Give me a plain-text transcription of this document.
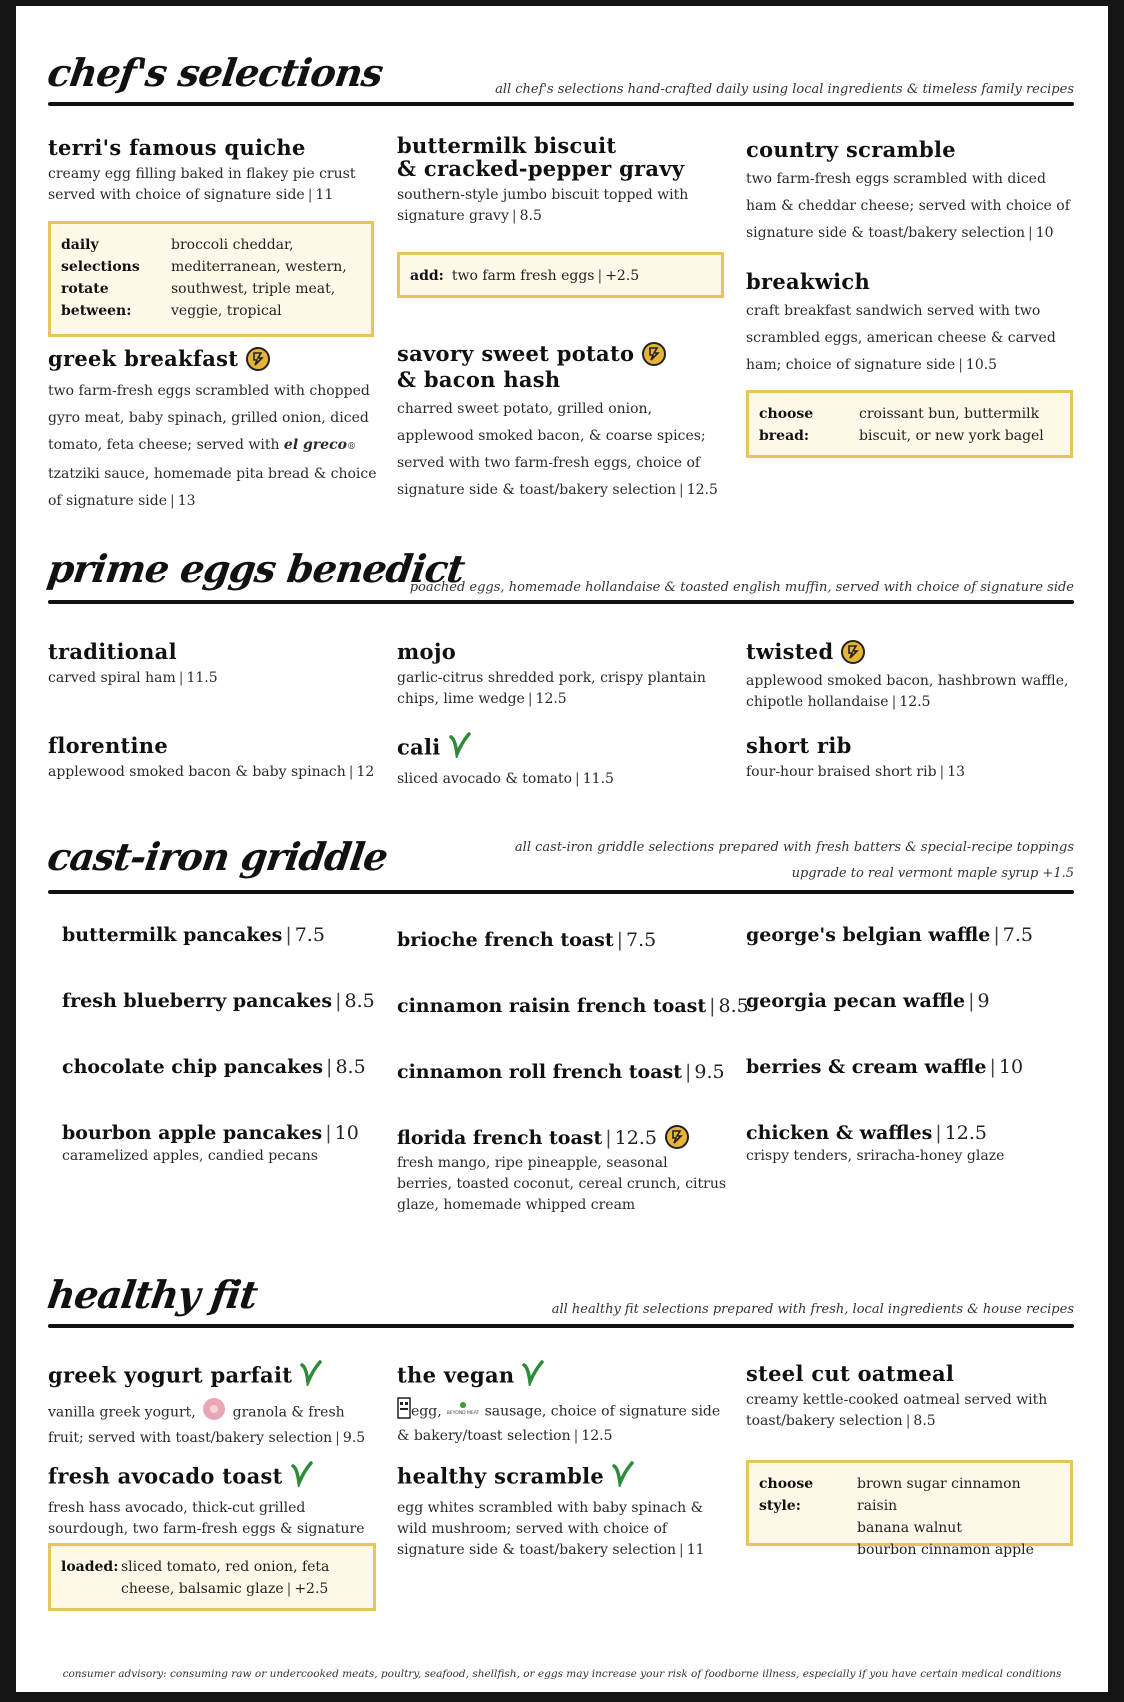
chef's selections	all chef's selections hand-crafted daily using local ingredients & timeless family recipes
terri's famous quiche
creamy egg filling baked in flakey pie crust served with choice of signature side | 11
daily selections rotate between:broccoli cheddar, mediterranean, western, southwest, triple meat, veggie, tropical
greek breakfast
two farm-fresh eggs scrambled with chopped gyro meat, baby spinach, grilled onion, diced tomato, feta cheese; served with el greco® tzatziki sauce, homemade pita bread & choice of signature side | 13
buttermilk biscuit
& cracked-pepper gravy
southern-style jumbo biscuit topped with signature gravy | 8.5
add: two farm fresh eggs | +2.5
savory sweet potato
& bacon hash
charred sweet potato, grilled onion, applewood smoked bacon, & coarse spices; served with two farm-fresh eggs, choice of signature side & toast/bakery selection | 12.5
country scramble
two farm-fresh eggs scrambled with diced ham & cheddar cheese; served with choice of signature side & toast/bakery selection | 10
breakwich
craft breakfast sandwich served with two scrambled eggs, american cheese & carved ham; choice of signature side | 10.5
choose bread:croissant bun, buttermilk biscuit, or new york bagel
prime eggs benedict
poached eggs, homemade hollandaise & toasted english muffin, served with choice of signature side
traditional
carved spiral ham | 11.5
mojo
garlic-citrus shredded pork, crispy plantain chips, lime wedge | 12.5
twisted
applewood smoked bacon, hashbrown waffle, chipotle hollandaise | 12.5
florentine
applewood smoked bacon & baby spinach | 12
cali
sliced avocado & tomato | 11.5
short rib
four-hour braised short rib | 13
cast-iron griddle	all cast-iron griddle selections prepared with fresh batters & special-recipe toppings
upgrade to real vermont maple syrup +1.5
buttermilk pancakes | 7.5
fresh blueberry pancakes | 8.5
chocolate chip pancakes | 8.5
bourbon apple pancakes | 10
caramelized apples, candied pecans
brioche french toast | 7.5
cinnamon raisin french toast | 8.5
cinnamon roll french toast | 9.5
florida french toast | 12.5
fresh mango, ripe pineapple, seasonal berries, toasted coconut, cereal crunch, citrus glaze, homemade whipped cream
george's belgian waffle | 7.5
georgia pecan waffle | 9
berries & cream waffle | 10
chicken & waffles | 12.5
crispy tenders, sriracha-honey glaze
healthy fit	all healthy fit selections prepared with fresh, local ingredients & house recipes
greek yogurt parfait
vanilla greek yogurt,	granola & fresh fruit; served with toast/bakery selection | 9.5
the vegan
egg, BEYOND MEAT sausage, choice of signature side & bakery/toast selection | 12.5
steel cut oatmeal
creamy kettle-cooked oatmeal served with toast/bakery selection | 8.5
choose style:
brown sugar cinnamon raisin
banana walnut
bourbon cinnamon apple
fresh avocado toast
fresh hass avocado, thick-cut grilled sourdough, two farm-fresh eggs & signature
loaded: sliced tomato, red onion, feta cheese, balsamic glaze | +2.5
healthy scramble
egg whites scrambled with baby spinach & wild mushroom; served with choice of signature side & toast/bakery selection | 11
consumer advisory: consuming raw or undercooked meats, poultry, seafood, shellfish, or eggs may increase your risk of foodborne illness, especially if you have certain medical conditions
